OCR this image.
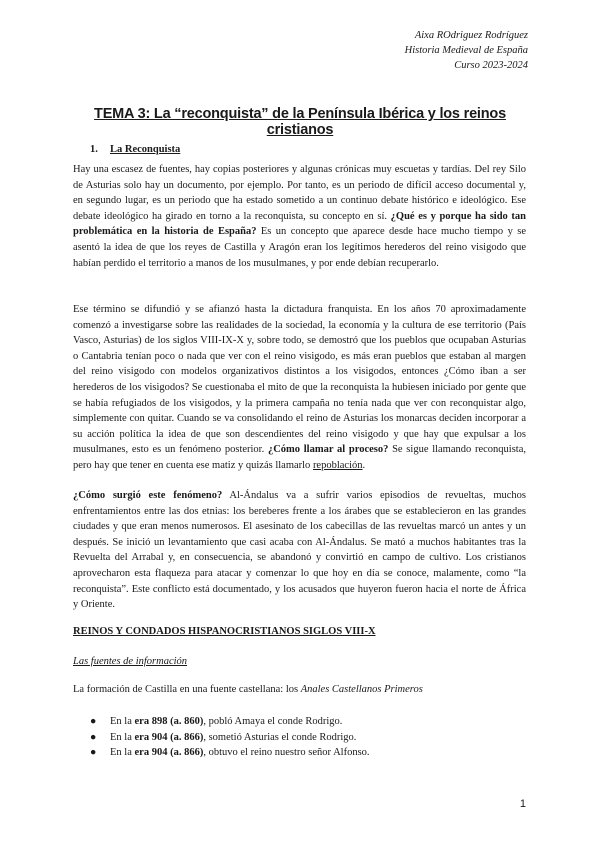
Aixa ROdriguez Rodríguez
Historia Medieval de España
Curso 2023-2024
TEMA 3: La “reconquista” de la Península Ibérica y los reinos cristianos
1. La Reconquista
Hay una escasez de fuentes, hay copias posteriores y algunas crónicas muy escuetas y tardías. Del rey Silo de Asturias solo hay un documento, por ejemplo. Por tanto, es un periodo de difícil acceso documental y, en segundo lugar, es un periodo que ha estado sometido a un continuo debate histórico e ideológico. Ese debate ideológico ha girado en torno a la reconquista, su concepto en sí. ¿Qué es y porque ha sido tan problemática en la historia de España? Es un concepto que aparece desde hace mucho tiempo y se asentó la idea de que los reyes de Castilla y Aragón eran los legítimos herederos del reino visigodo que habían perdido el territorio a manos de los musulmanes, y por ende debían recuperarlo.
Ese término se difundió y se afianzó hasta la dictadura franquista. En los años 70 aproximadamente comenzó a investigarse sobre las realidades de la sociedad, la economía y la cultura de ese territorio (País Vasco, Asturias) de los siglos VIII-IX-X y, sobre todo, se demostró que los pueblos que ocupaban Asturias o Cantabria tenían poco o nada que ver con el reino visigodo, es más eran pueblos que estaban al margen del reino visigodo con modelos organizativos distintos a los visigodos, entonces ¿Cómo iban a ser herederos de los visigodos? Se cuestionaba el mito de que la reconquista la hubiesen iniciado por gente que se había refugiados de los visigodos, y la primera campaña no tenía nada que ver con reconquistar algo, simplemente con quitar. Cuando se va consolidando el reino de Asturias los monarcas deciden incorporar a su acción política la idea de que son descendientes del reino visigodo y que hay que expulsar a los musulmanes, esto es un fenómeno posterior. ¿Cómo llamar al proceso? Se sigue llamando reconquista, pero hay que tener en cuenta ese matiz y quizás llamarlo repoblación.
¿Cómo surgió este fenómeno? Al-Ándalus va a sufrir varios episodios de revueltas, muchos enfrentamientos entre las dos etnias: los bereberes frente a los árabes que se establecieron en las grandes ciudades y que eran menos numerosos. El asesinato de los cabecillas de las revueltas marcó un antes y un después. Se inició un levantamiento que casi acaba con Al-Ándalus. Se mató a muchos habitantes tras la Revuelta del Arrabal y, en consecuencia, se abandonó y convirtió en campo de cultivo. Los cristianos aprovecharon esta flaqueza para atacar y comenzar lo que hoy en día se conoce, malamente, como “la reconquista”. Este conflicto está documentado, y los acusados que huyeron fueron hacia el norte de África y Oriente.
REINOS Y CONDADOS HISPANOCRISTIANOS SIGLOS VIII-X
Las fuentes de información
La formación de Castilla en una fuente castellana: los Anales Castellanos Primeros
● En la era 898 (a. 860), pobló Amaya el conde Rodrigo.
● En la era 904 (a. 866), sometió Asturias el conde Rodrigo.
● En la era 904 (a. 866), obtuvo el reino nuestro señor Alfonso.
1
